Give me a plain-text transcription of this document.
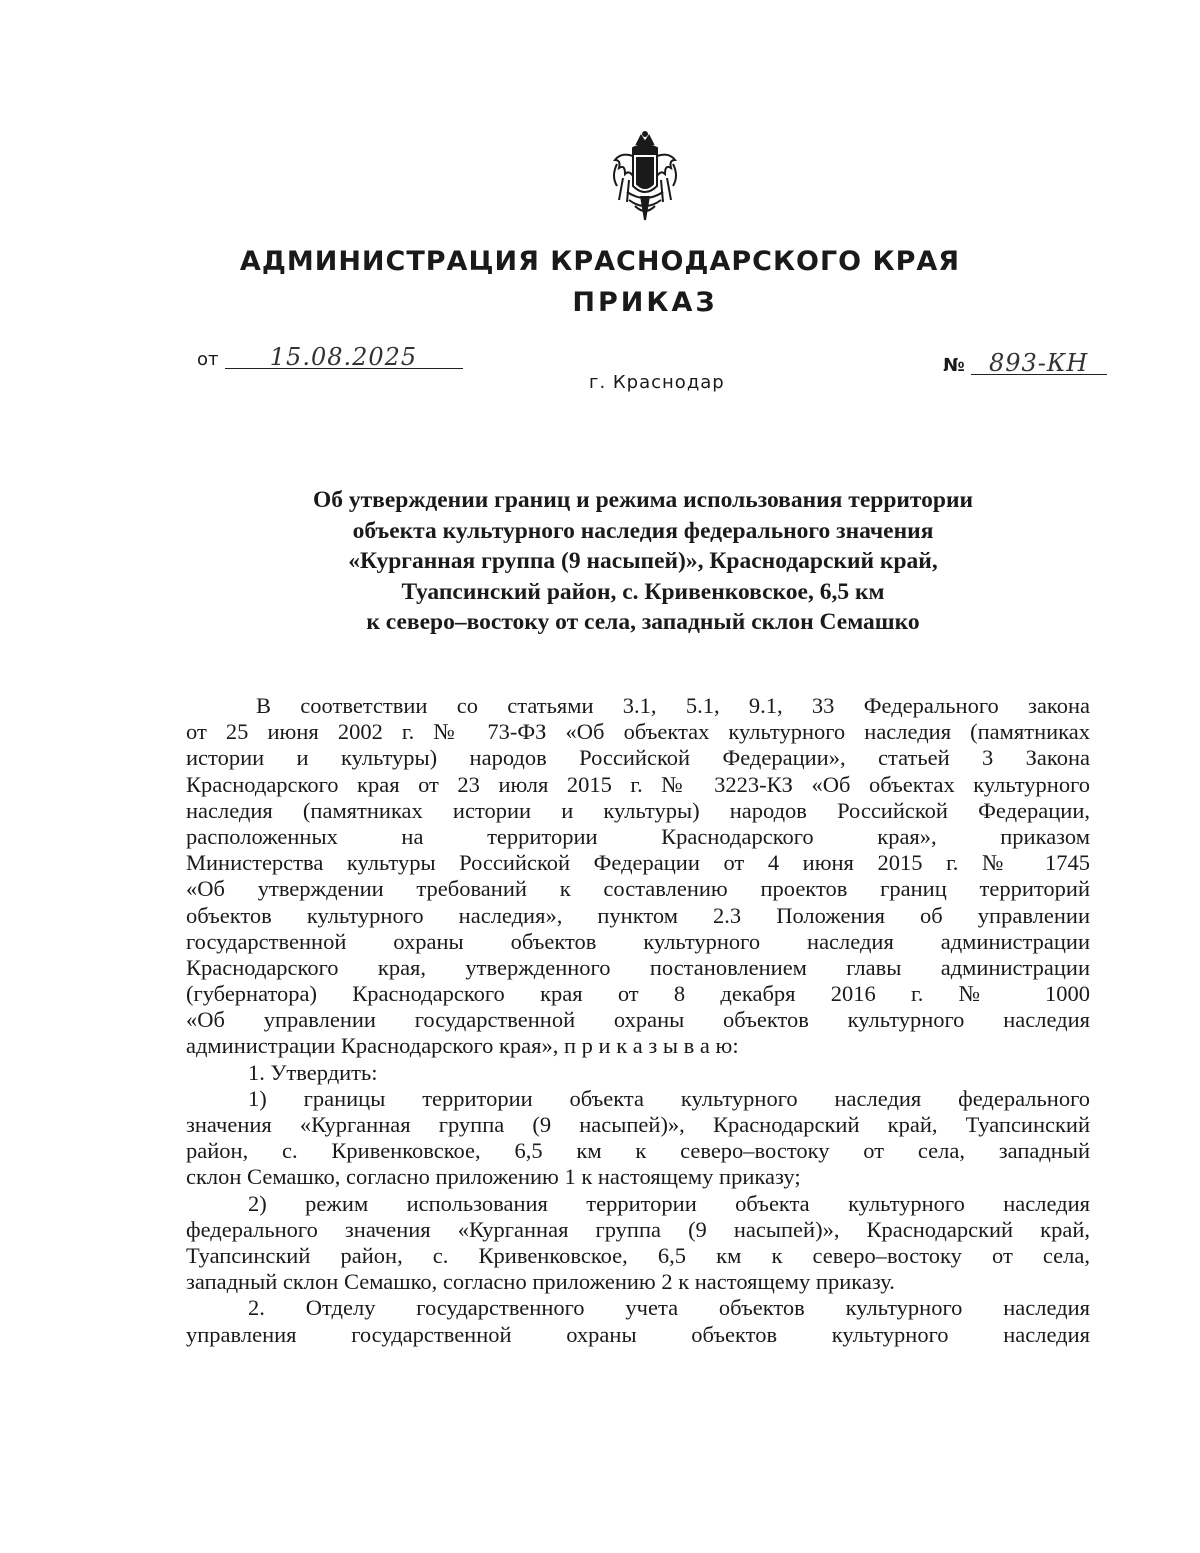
АДМИНИСТРАЦИЯ КРАСНОДАРСКОГО КРАЯ
ПРИКАЗ
от 15.08.2025
г. Краснодар
№ 893-КН
Об утверждении границ и режима использования территории
объекта культурного наследия федерального значения
«Курганная группа (9 насыпей)», Краснодарский край,
Туапсинский район, с. Кривенковское, 6,5 км
к северо–востоку от села, западный склон Семашко
В соответствии со статьями 3.1, 5.1, 9.1, 33 Федерального закона
от 25 июня 2002 г. № 73-ФЗ «Об объектах культурного наследия (памятниках
истории и культуры) народов Российской Федерации», статьей 3 Закона
Краснодарского края от 23 июля 2015 г. № 3223-КЗ «Об объектах культурного
наследия (памятниках истории и культуры) народов Российской Федерации,
расположенных на территории Краснодарского края», приказом
Министерства культуры Российской Федерации от 4 июня 2015 г. № 1745
«Об утверждении требований к составлению проектов границ территорий
объектов культурного наследия», пунктом 2.3 Положения об управлении
государственной охраны объектов культурного наследия администрации
Краснодарского края, утвержденного постановлением главы администрации
(губернатора) Краснодарского края от 8 декабря 2016 г. № 1000
«Об управлении государственной охраны объектов культурного наследия
администрации Краснодарского края», п р и к а з ы в а ю:
1. Утвердить:
1) границы территории объекта культурного наследия федерального
значения «Курганная группа (9 насыпей)», Краснодарский край, Туапсинский
район, с. Кривенковское, 6,5 км к северо–востоку от села, западный
склон Семашко, согласно приложению 1 к настоящему приказу;
2) режим использования территории объекта культурного наследия
федерального значения «Курганная группа (9 насыпей)», Краснодарский край,
Туапсинский район, с. Кривенковское, 6,5 км к северо–востоку от села,
западный склон Семашко, согласно приложению 2 к настоящему приказу.
2. Отделу государственного учета объектов культурного наследия
управления государственной охраны объектов культурного наследия
